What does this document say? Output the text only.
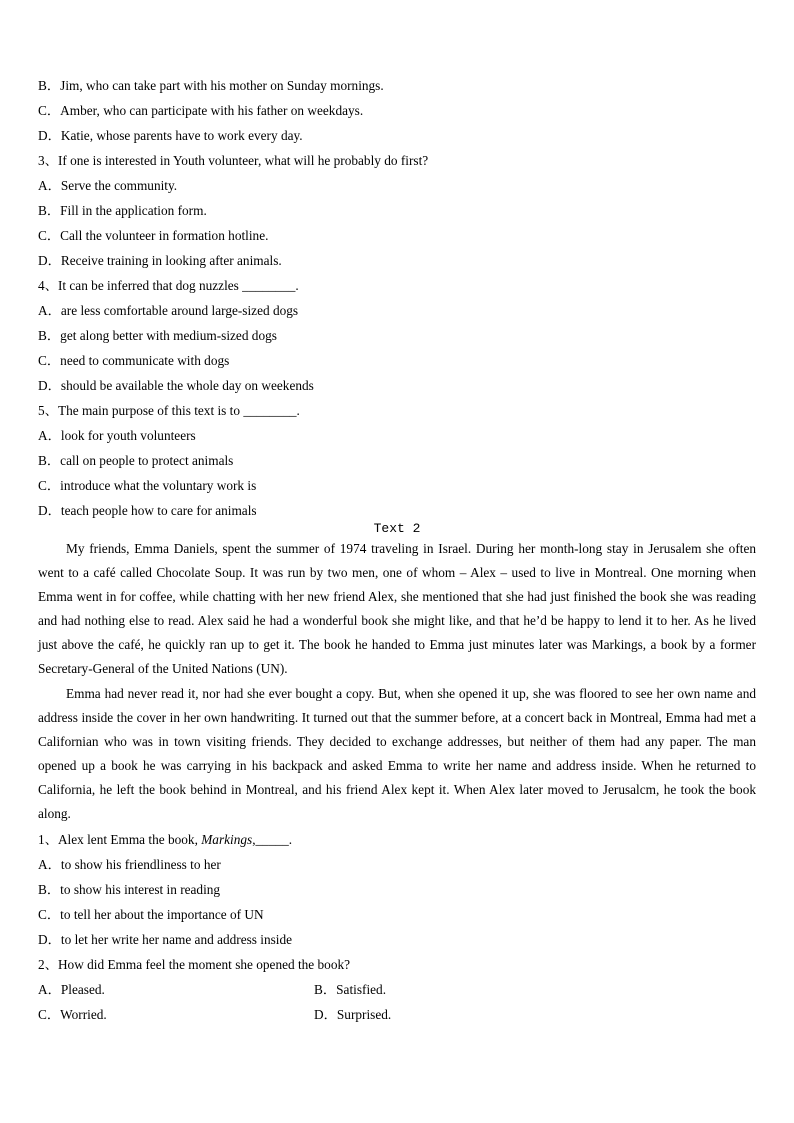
B．Jim, who can take part with his mother on Sunday mornings.
C．Amber, who can participate with his father on weekdays.
D．Katie, whose parents have to work every day.
3、If one is interested in Youth volunteer, what will he probably do first?
A．Serve the community.
B．Fill in the application form.
C．Call the volunteer in formation hotline.
D．Receive training in looking after animals.
4、It can be inferred that dog nuzzles ________.
A．are less comfortable around large-sized dogs
B．get along better with medium-sized dogs
C．need to communicate with dogs
D．should be available the whole day on weekends
5、The main purpose of this text is to ________.
A．look for youth volunteers
B．call on people to protect animals
C．introduce what the voluntary work is
D．teach people how to care for animals
Text 2

My friends, Emma Daniels, spent the summer of 1974 traveling in Israel. During her month-long stay in Jerusalem she often went to a café called Chocolate Soup. It was run by two men, one of whom – Alex – used to live in Montreal. One morning when Emma went in for coffee, while chatting with her new friend Alex, she mentioned that she had just finished the book she was reading and had nothing else to read. Alex said he had a wonderful book she might like, and that he’d be happy to lend it to her. As he lived just above the café, he quickly ran up to get it. The book he handed to Emma just minutes later was Markings, a book by a former Secretary-General of the United Nations (UN).

Emma had never read it, nor had she ever bought a copy. But, when she opened it up, she was floored to see her own name and address inside the cover in her own handwriting. It turned out that the summer before, at a concert back in Montreal, Emma had met a Californian who was in town visiting friends. They decided to exchange addresses, but neither of them had any paper. The man opened up a book he was carrying in his backpack and asked Emma to write her name and address inside. When he returned to California, he left the book behind in Montreal, and his friend Alex kept it. When Alex later moved to Jerusalcm, he took the book along.

1、Alex lent Emma the book, Markings,_____.
A．to show his friendliness to her
B．to show his interest in reading
C．to tell her about the importance of UN
D．to let her write her name and address inside
2、How did Emma feel the moment she opened the book?
A．Pleased.	B．Satisfied.
C．Worried.	D．Surprised.
